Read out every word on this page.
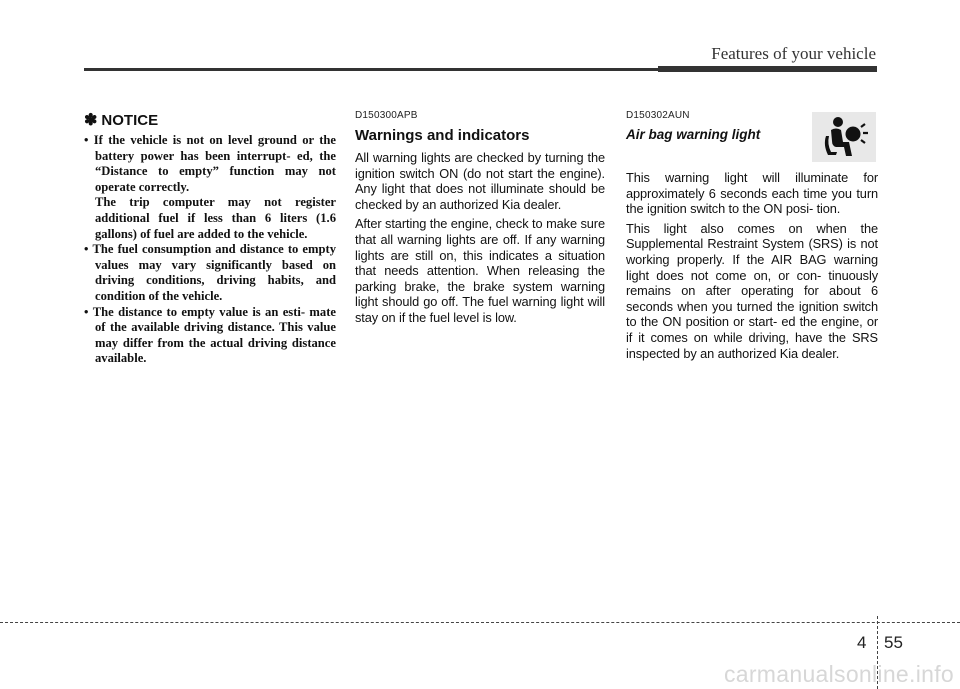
Features of your vehicle
✽ NOTICE
• If the vehicle is not on level ground or the battery power has been interrupt- ed, the “Distance to empty” function may not operate correctly.
The trip computer may not register additional fuel if less than 6 liters (1.6 gallons) of fuel are added to the vehicle.
• The fuel consumption and distance to empty values may vary significantly based on driving conditions, driving habits, and condition of the vehicle.
• The distance to empty value is an esti- mate of the available driving distance. This value may differ from the actual driving distance available.

D150300APB

Warnings and indicators

All warning lights are checked by turning the ignition switch ON (do not start the engine). Any light that does not illuminate should be checked by an authorized Kia dealer.

After starting the engine, check to make sure that all warning lights are off. If any warning lights are still on, this indicates a situation that needs attention. When releasing the parking brake, the brake system warning light should go off. The fuel warning light will stay on if the fuel level is low.

D150302AUN

Air bag warning light

This warning light will illuminate for approximately 6 seconds each time you turn the ignition switch to the ON posi- tion.

This light also comes on when the Supplemental Restraint System (SRS) is not working properly. If the AIR BAG warning light does not come on, or con- tinuously remains on after operating for about 6 seconds when you turned the ignition switch to the ON position or start- ed the engine, or if it comes on while driving, have the SRS inspected by an authorized Kia dealer.

4 55
carmanualsonline.info
